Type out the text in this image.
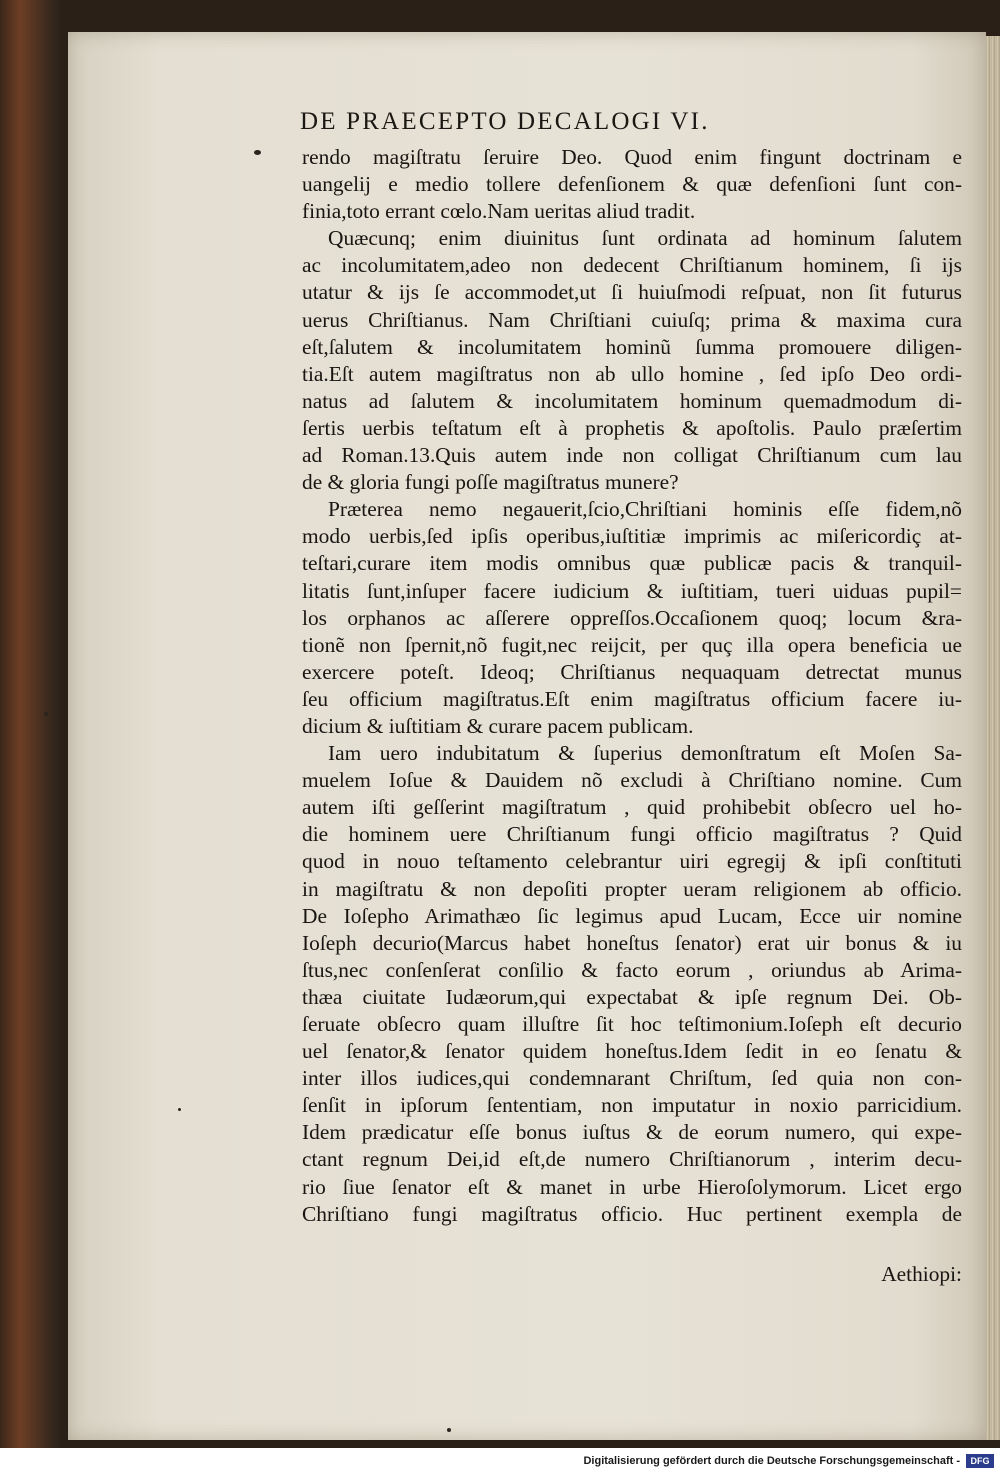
DE PRAECEPTO DECALOGI VI.
rendo magiſtratu ſeruire Deo. Quod enim fingunt doctrinam e
uangelij e medio tollere defenſionem & quæ defenſioni ſunt con-
finia,toto errant cœlo.Nam ueritas aliud tradit.
Quæcunq; enim diuinitus ſunt ordinata ad hominum ſalutem
ac incolumitatem,adeo non dedecent Chriſtianum hominem, ſi ijs
utatur & ijs ſe accommodet,ut ſi huiuſmodi reſpuat, non ſit futurus
uerus Chriſtianus. Nam Chriſtiani cuiuſq; prima & maxima cura
eſt,ſalutem & incolumitatem hominũ ſumma promouere diligen-
tia.Eſt autem magiſtratus non ab ullo homine , ſed ipſo Deo ordi-
natus ad ſalutem & incolumitatem hominum quemadmodum di-
ſertis uerbis teſtatum eſt à prophetis & apoſtolis. Paulo præſertim
ad Roman.13.Quis autem inde non colligat Chriſtianum cum lau
de & gloria fungi poſſe magiſtratus munere?
Præterea nemo negauerit,ſcio,Chriſtiani hominis eſſe fidem,nõ
modo uerbis,ſed ipſis operibus,iuſtitiæ imprimis ac miſericordiç at-
teſtari,curare item modis omnibus quæ publicæ pacis & tranquil-
litatis ſunt,inſuper facere iudicium & iuſtitiam, tueri uiduas pupil=
los orphanos ac aſſerere oppreſſos.Occaſionem quoq; locum &ra-
tionẽ non ſpernit,nõ fugit,nec reijcit, per quç illa opera beneficia ue
exercere poteſt. Ideoq; Chriſtianus nequaquam detrectat munus
ſeu officium magiſtratus.Eſt enim magiſtratus officium facere iu-
dicium & iuſtitiam & curare pacem publicam.
Iam uero indubitatum & ſuperius demonſtratum eſt Moſen Sa-
muelem Ioſue & Dauidem nõ excludi à Chriſtiano nomine. Cum
autem iſti geſſerint magiſtratum , quid prohibebit obſecro uel ho-
die hominem uere Chriſtianum fungi officio magiſtratus ? Quid
quod in nouo teſtamento celebrantur uiri egregij & ipſi conſtituti
in magiſtratu & non depoſiti propter ueram religionem ab officio.
De Ioſepho Arimathæo ſic legimus apud Lucam, Ecce uir nomine
Ioſeph decurio(Marcus habet honeſtus ſenator) erat uir bonus & iu
ſtus,nec conſenſerat conſilio & facto eorum , oriundus ab Arima-
thæa ciuitate Iudæorum,qui expectabat & ipſe regnum Dei. Ob-
ſeruate obſecro quam illuſtre ſit hoc teſtimonium.Ioſeph eſt decurio
uel ſenator,& ſenator quidem honeſtus.Idem ſedit in eo ſenatu &
inter illos iudices,qui condemnarant Chriſtum, ſed quia non con-
ſenſit in ipſorum ſententiam, non imputatur in noxio parricidium.
Idem prædicatur eſſe bonus iuſtus & de eorum numero, qui expe-
ctant regnum Dei,id eſt,de numero Chriſtianorum , interim decu-
rio ſiue ſenator eſt & manet in urbe Hieroſolymorum. Licet ergo
Chriſtiano fungi magiſtratus officio. Huc pertinent exempla de
Aethiopi:
Digitalisierung gefördert durch die Deutsche Forschungsgemeinschaft -	DFG
